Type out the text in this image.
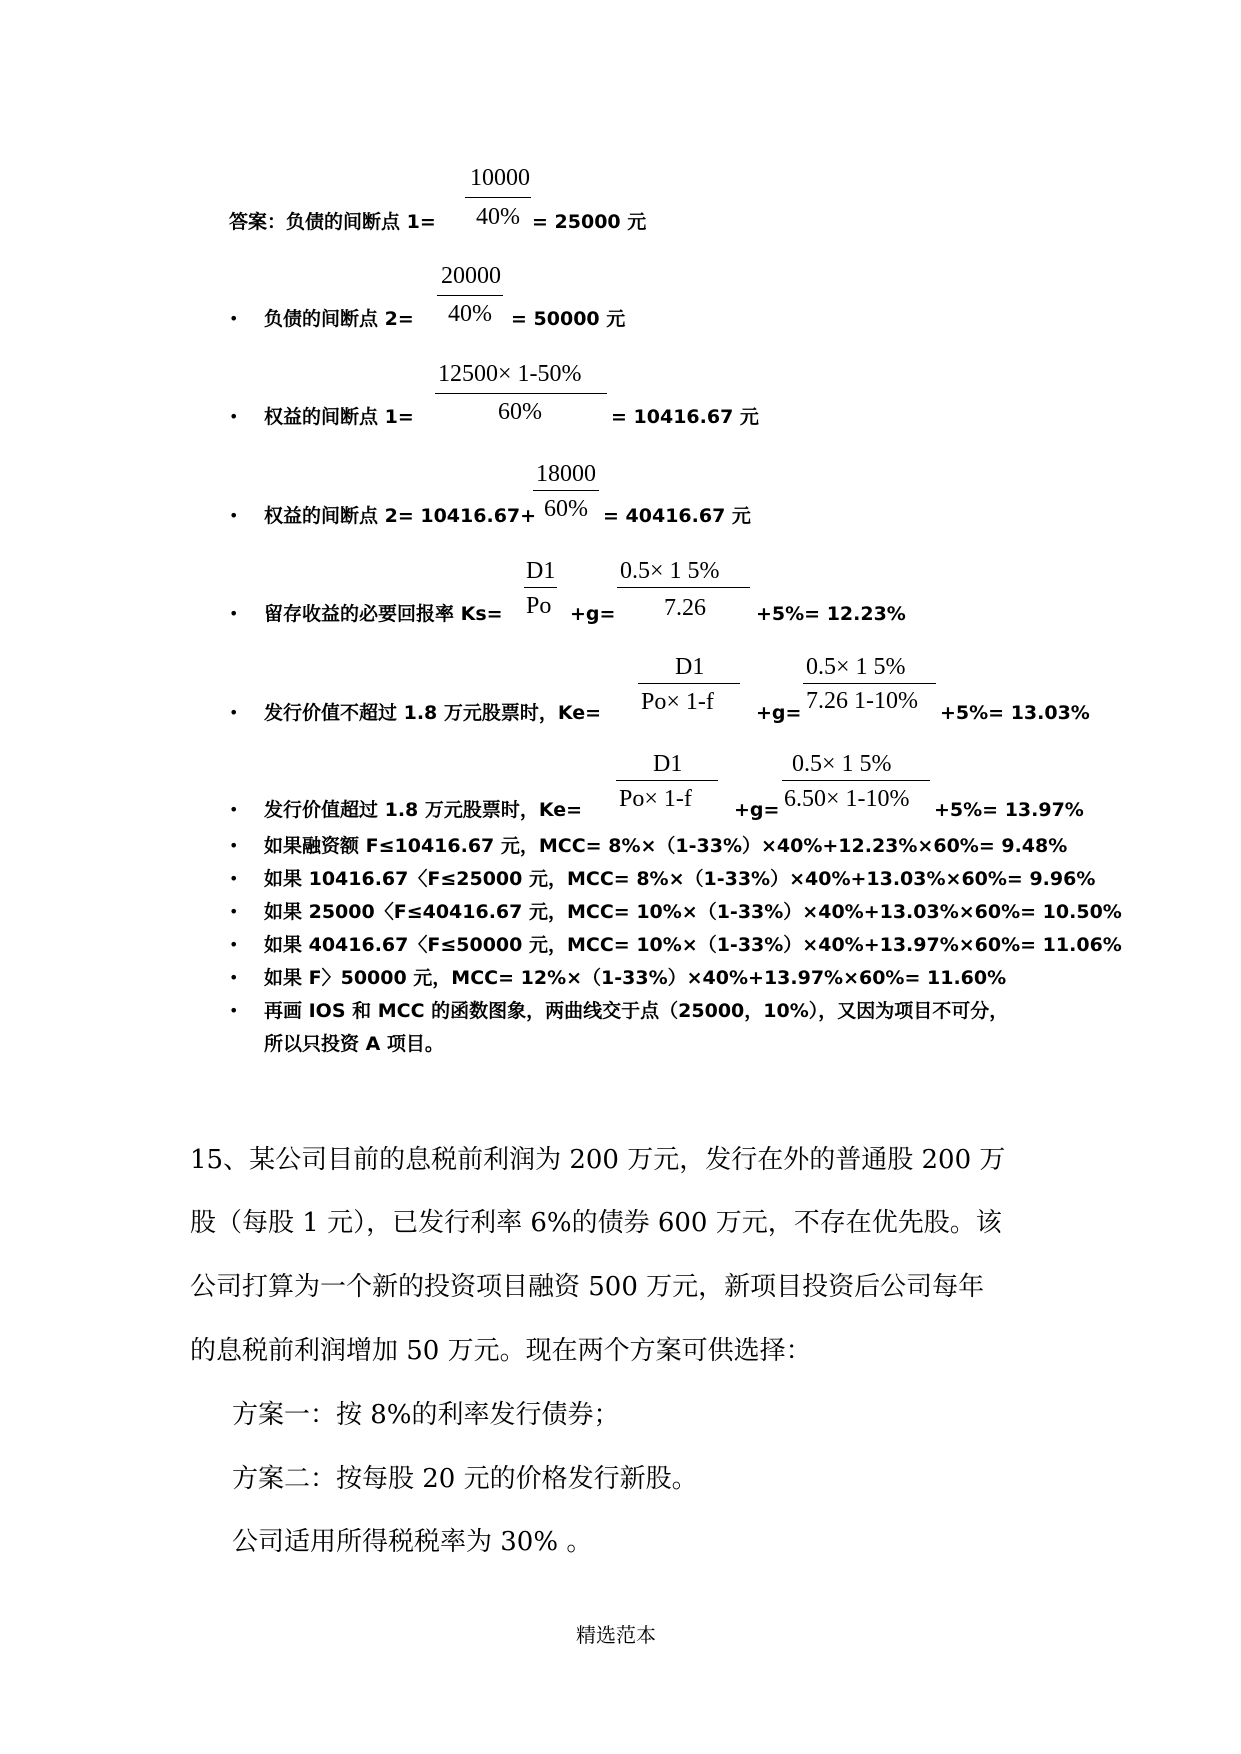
答案：负债的间断点 1=
10000
40% = 25000 元
• 负债的间断点 2=
20000
40% = 50000 元
• 权益的间断点 1=
12500× 1-50%
60%	= 10416.67 元
• 权益的间断点 2= 10416.67+
18000
60% = 40416.67 元
• 留存收益的必要回报率 Ks=
D1
Po +g=
0.5× 1 5%
7.26	+5%= 12.23%
• 发行价值不超过 1.8 万元股票时，Ke=
D1
Po× 1-f +g=
0.5× 1 5%
7.26 1-10% +5%= 13.03%
• 发行价值超过 1.8 万元股票时，Ke=
D1
Po× 1-f +g=
0.5× 1 5%
6.50× 1-10% +5%= 13.97%
• 如果融资额 F≤10416.67 元，MCC= 8%×（1-33%）×40%+12.23%×60%= 9.48%
• 如果 10416.67〈F≤25000 元，MCC= 8%×（1-33%）×40%+13.03%×60%= 9.96%
• 如果 25000〈F≤40416.67 元，MCC= 10%×（1-33%）×40%+13.03%×60%= 10.50%
• 如果 40416.67〈F≤50000 元，MCC= 10%×（1-33%）×40%+13.97%×60%= 11.06%
• 如果 F〉50000 元，MCC= 12%×（1-33%）×40%+13.97%×60%= 11.60%
• 再画 IOS 和 MCC 的函数图象，两曲线交于点（25000，10%），又因为项目不可分，
所以只投资 A 项目。
15、某公司目前的息税前利润为 200 万元，发行在外的普通股 200 万
股（每股 1 元），已发行利率 6%的债券 600 万元，不存在优先股。该
公司打算为一个新的投资项目融资 500 万元，新项目投资后公司每年
的息税前利润增加 50 万元。现在两个方案可供选择：
方案一：按 8%的利率发行债券；
方案二：按每股 20 元的价格发行新股。
公司适用所得税税率为 30% 。
精选范本
